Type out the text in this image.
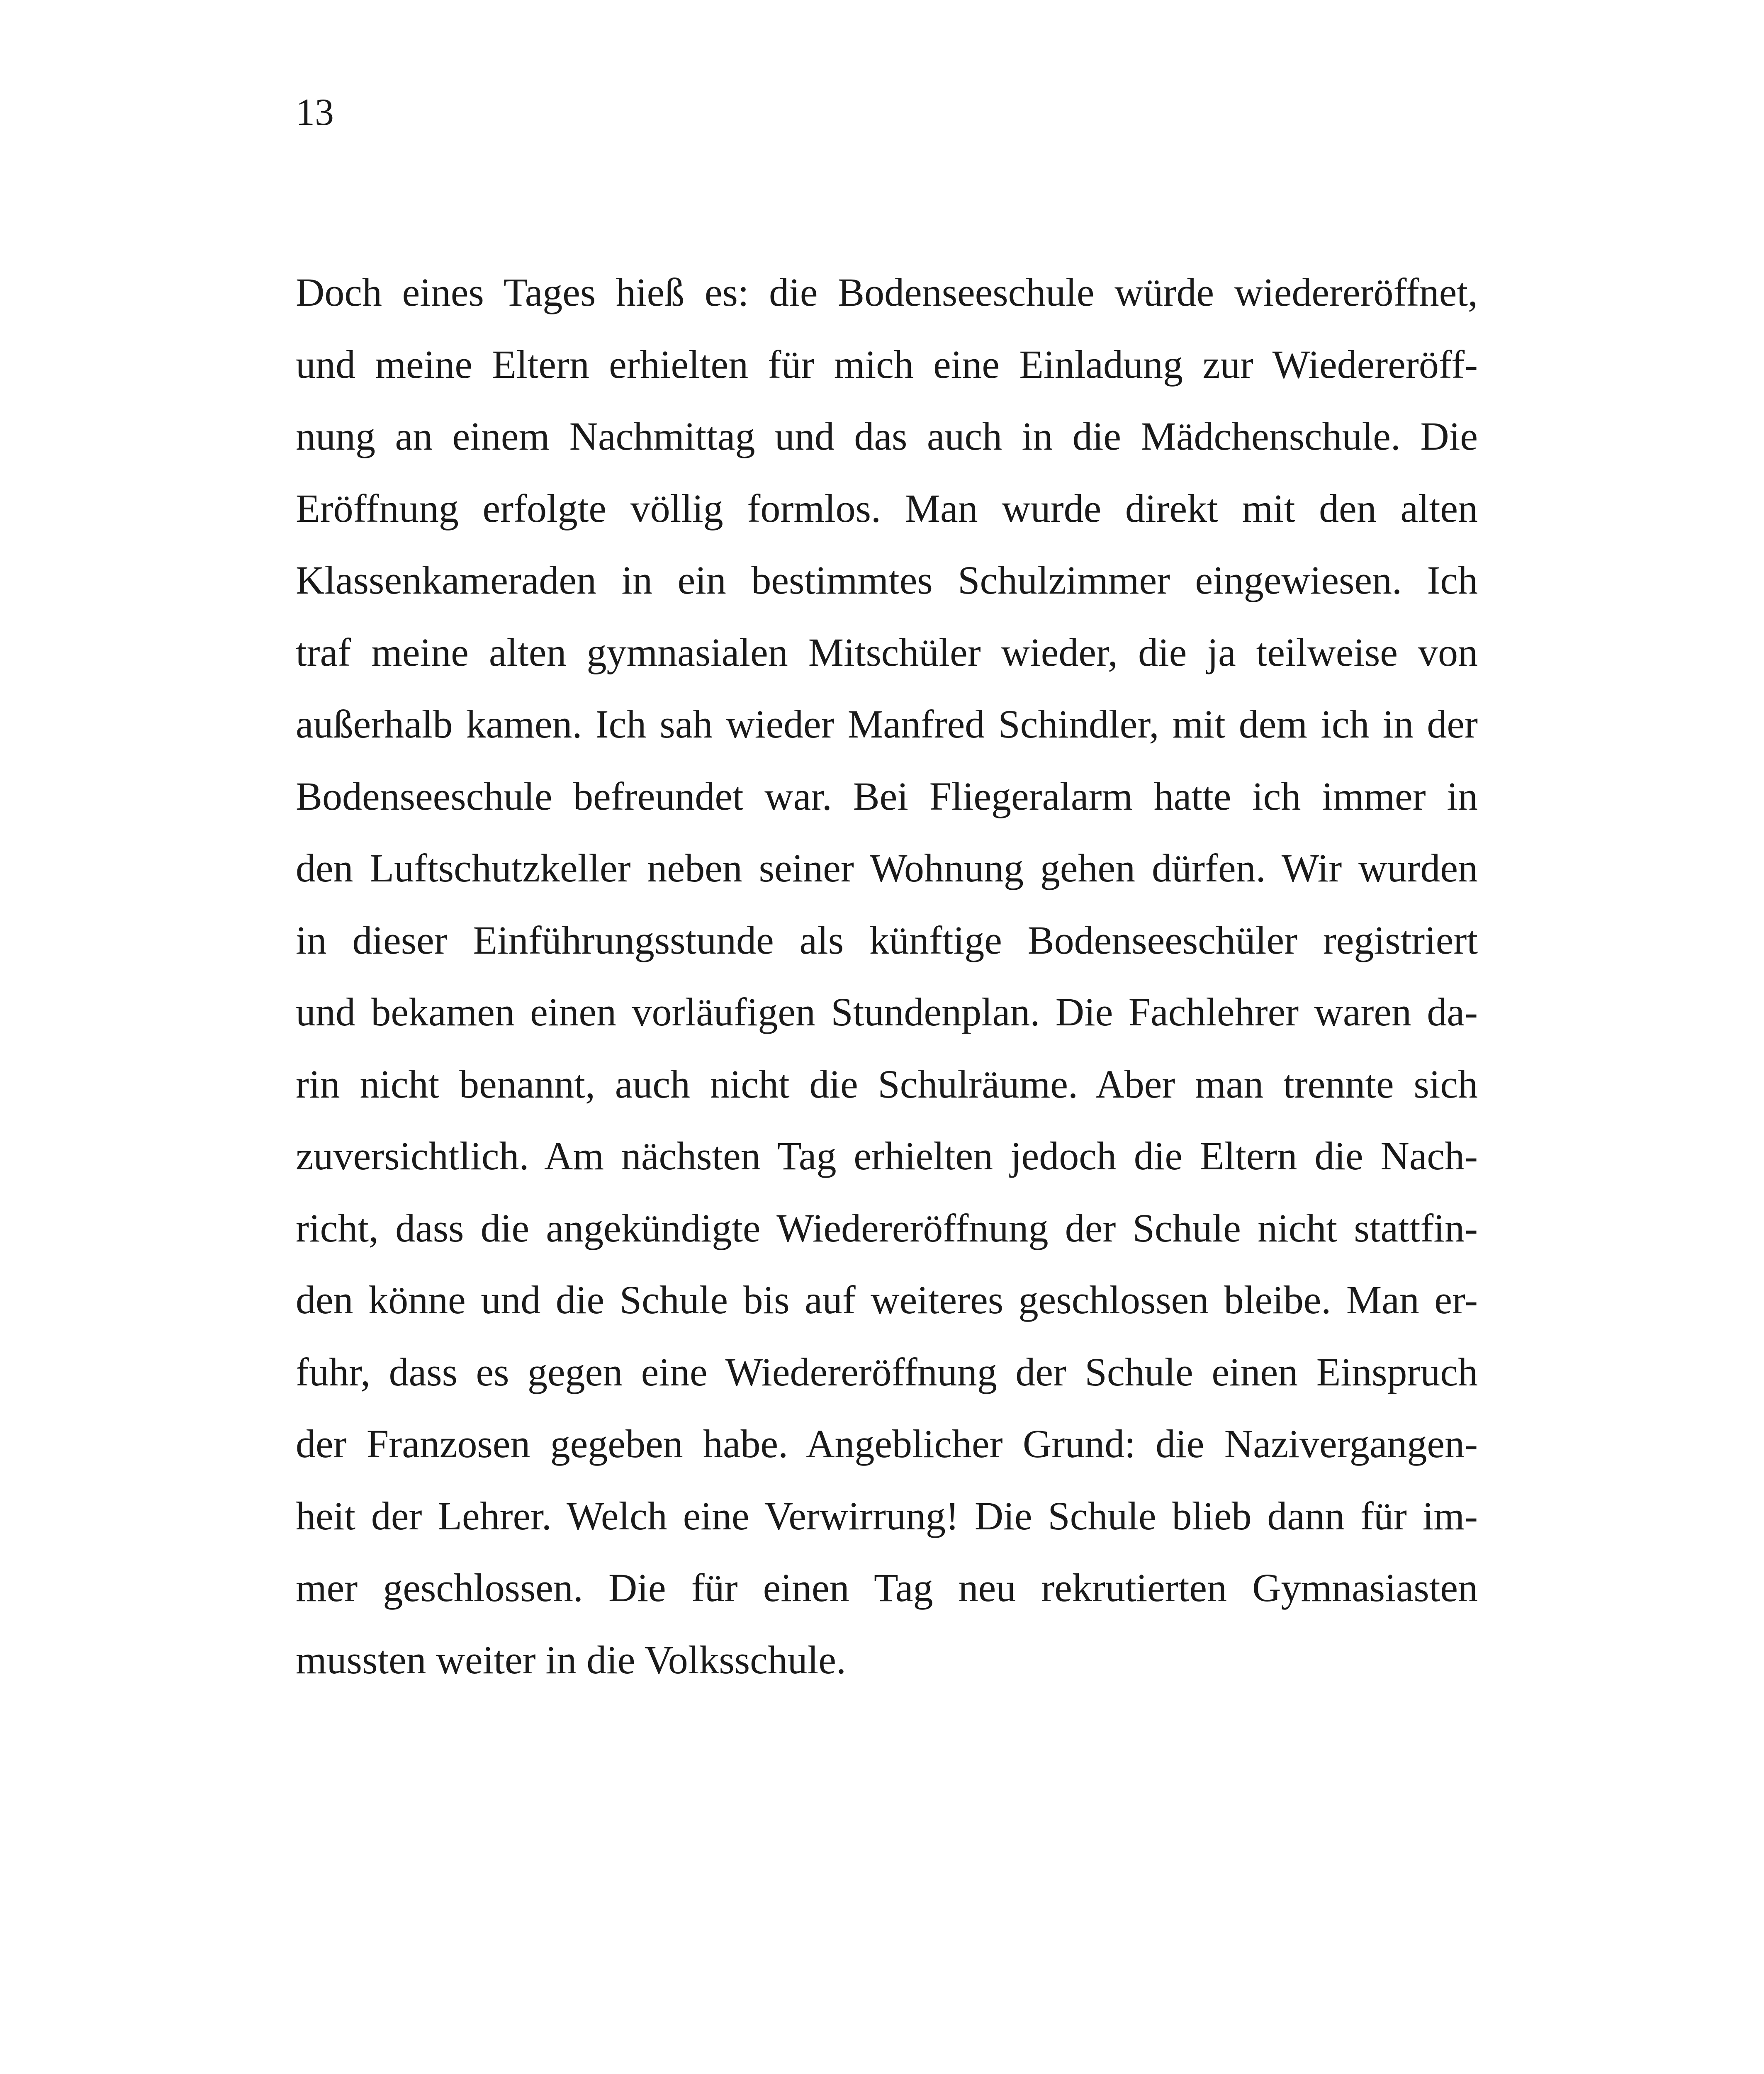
13

Doch eines Tages hieß es: die Bodenseeschule würde wiedereröffnet,
und meine Eltern erhielten für mich eine Einladung zur Wiedereröff-
nung an einem Nachmittag und das auch in die Mädchenschule. Die
Eröffnung erfolgte völlig formlos. Man wurde direkt mit den alten
Klassenkameraden in ein bestimmtes Schulzimmer eingewiesen. Ich
traf meine alten gymnasialen Mitschüler wieder, die ja teilweise von
außerhalb kamen. Ich sah wieder Manfred Schindler, mit dem ich in der
Bodenseeschule befreundet war. Bei Fliegeralarm hatte ich immer in
den Luftschutzkeller neben seiner Wohnung gehen dürfen. Wir wurden
in dieser Einführungsstunde als künftige Bodenseeschüler registriert
und bekamen einen vorläufigen Stundenplan. Die Fachlehrer waren da-
rin nicht benannt, auch nicht die Schulräume. Aber man trennte sich
zuversichtlich. Am nächsten Tag erhielten jedoch die Eltern die Nach-
richt, dass die angekündigte Wiedereröffnung der Schule nicht stattfin-
den könne und die Schule bis auf weiteres geschlossen bleibe. Man er-
fuhr, dass es gegen eine Wiedereröffnung der Schule einen Einspruch
der Franzosen gegeben habe. Angeblicher Grund: die Nazivergangen-
heit der Lehrer. Welch eine Verwirrung! Die Schule blieb dann für im-
mer geschlossen. Die für einen Tag neu rekrutierten Gymnasiasten
mussten weiter in die Volksschule.
